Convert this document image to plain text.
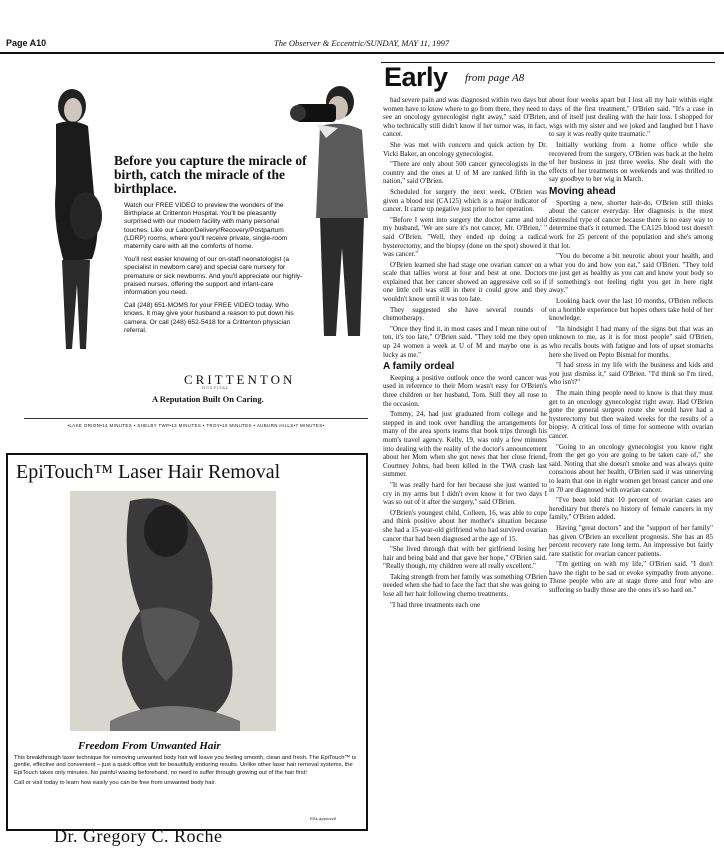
Page A10	The Observer & Eccentric/SUNDAY, MAY 11, 1997
Before you capture the miracle of birth, catch the miracle of the birthplace.

Watch our FREE VIDEO to preview the wonders of the Birthplace at Crittenton Hospital. You'll be pleasantly surprised with our modern facility with many personal touches. Like our Labor/Delivery/Recovery/Postpartum (LDRP) rooms, where you'll receive private, single-room maternity care with all the comforts of home.

You'll rest easier knowing of our on-staff neonatologist (a specialist in newborn care) and special care nursery for premature or sick newborns. And you'll appreciate our highly-praised nurses, offering the support and infant-care information you need.

Call (248) 651-MOMS for your FREE VIDEO today. Who knows. It may give your husband a reason to put down his camera. Or call (248) 652-5418 for a Crittenton physician referral.

CRITTENTON
HOSPITAL
A Reputation Built On Caring.
•LAKE ORION•14 MINUTES • SHELBY TWP•13 MINUTES • TROY•10 MINUTES • AUBURN HILLS•7 MINUTES•
EpiTouch™ Laser Hair Removal
Freedom From Unwanted Hair

This breakthrough laser technique for removing unwanted body hair will leave you feeling smooth, clean and fresh. The EpiTouch™ is gentle, effective and convenient – just a quick office visit for beautifully enduring results. Unlike other laser hair removal systems, the EpiTouch takes only minutes. No painful waxing beforehand, no need to suffer through growing out of the hair first!

Call or visit today to learn how easily you can be free from unwanted body hair.

FDA Approved
Dr. Gregory C. Roche
Early from page A8

had severe pain and was diagnosed within two days but women have to know where to go from there, they need to see an oncology gynecologist right away," said O'Brien, who technically still didn't know if her tumor was, in fact, cancer.

She was met with concern and quick action by Dr. Vicki Baker, an oncology gynecologist.

"There are only about 500 cancer gynecologists in the country and the ones at U of M are ranked fifth in the nation," said O'Brien.

Scheduled for surgery the next week, O'Brien was given a blood test (CA125) which is a major indicator of cancer. It came up negative just prior to her operation.

"Before I went into surgery the doctor came and told my husband, 'We are sure it's not cancer, Mr. O'Brien,' " said O'Brien. "Well, they ended up doing a radical hysterectomy, and the biopsy (done on the spot) showed it was cancer."

O'Brien learned she had stage one ovarian cancer on a scale that tallies worst at four and best at one. Doctors explained that her cancer showed an aggressive cell so if one little cell was still in there it could grow and they wouldn't know until it was too late.

They suggested she have several rounds of chemotherapy.

"Once they find it, in most cases and I mean nine out of ten, it's too late," O'Brien said. "They told me they open up 24 women a week at U of M and maybe one is as lucky as me."

A family ordeal

Keeping a positive outlook once the word cancer was used in reference to their Mom wasn't easy for O'Brien's three children or her husband, Tom. Still they all rose to the occasion.

Tommy, 24, had just graduated from college and he stepped in and took over handling the arrangements for many of the area sports teams that book trips through his mom's travel agency. Kelly, 19, was only a few minutes into dealing with the reality of the doctor's announcement about her Mom when she got news that her close friend, Courtney Johns, had been killed in the TWA crash last summer.

"It was really hard for her because she just wanted to cry in my arms but I didn't even know it for two days I was so out of it after the surgery," said O'Brien.

O'Brien's youngest child, Colleen, 16, was able to cope and think positive about her mother's situation because she had a 15-year-old girlfriend who had survived ovarian cancer that had been diagnosed at the age of 15.

"She lived through that with her girlfriend losing her hair and being bald and that gave her hope," O'Brien said. "Really though, my children were all really excellent."

Taking strength from her family was something O'Brien needed when she had to face the fact that she was going to lose all her hair following chemo treatments.

"I had three treatments each one

about four weeks apart but I lost all my hair within eight days of the first treatment," O'Brien said. "It's a case in and of itself just dealing with the hair loss. I shopped for wigs with my sister and we joked and laughed but I have to say it was really quite traumatic."

Initially working from a home office while she recovered from the surgery, O'Brien was back at the helm of her business in just three weeks. She dealt with the effects of her treatments on weekends and was thrilled to say goodbye to her wig in March.

Moving ahead

Sporting a new, shorter hair-do, O'Brien still thinks about the cancer everyday. Her diagnosis is the most distressful type of cancer because there is no easy way to determine that's it returned. The CA125 blood test doesn't work for 25 percent of the population and she's among that lot.

"You do become a bit neurotic about your health, and what you do and how you eat," said O'Brien. "They told me just get as healthy as you can and know your body so if something's not feeling right you get in here right away."

Looking back over the last 10 months, O'Brien reflects on a horrible experience but hopes others take hold of her knowledge.

"In hindsight I had many of the signs but that was an unknown to me, as it is for most people" said O'Brien, who recalls bouts with fatigue and lots of upset stomachs here she lived on Pepto Bismal for months.

"I had stress in my life with the business and kids and you just dismiss it," said O'Brien. "I'd think so I'm tired, who isn't?"

The main thing people need to know is that they must get to an oncology gynecologist right away. Had O'Brien gone the general surgeon route she would have had a hysterectomy but then waited weeks for the results of a biopsy. A critical loss of time for someone with ovarian cancer.

"Going to an oncology gynecologist you know right from the get go you are going to be taken care of," she said. Noting that she doesn't smoke and was always quite conscious about her health, O'Brien said it was unnerving to learn that one in eight women get breast cancer and one in 70 are diagnosed with ovarian cancer.

"I've been told that 10 percent of ovarian cases are hereditary but there's no history of female cancers in my family," O'Brien added.

Having "great doctors" and the "support of her family" has given O'Brien an excellent prognosis. She has an 85 percent recovery rate long term. An impressive but fairly rare statistic for ovarian cancer patients.

"I'm getting on with my life," O'Brien said. "I don't have the right to be sad or evoke sympathy from anyone. Those people who are at stage three and four who are suffering so badly those are the ones it's so hard on."
